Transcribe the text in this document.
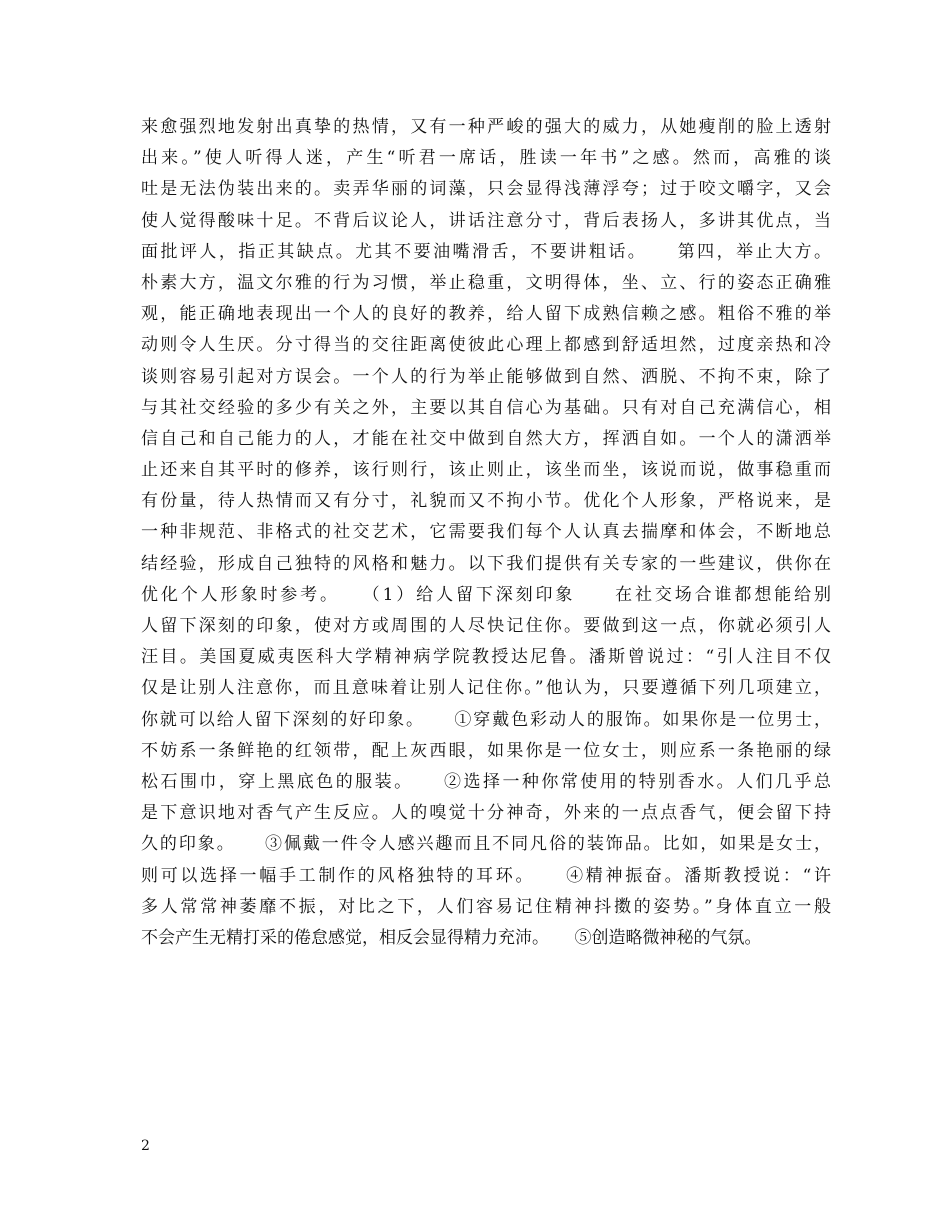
来愈强烈地发射出真挚的热情，又有一种严峻的强大的威力，从她瘦削的脸上透射
出来。”使人听得人迷，产生“听君一席话，胜读一年书”之感。然而，高雅的谈
吐是无法伪装出来的。卖弄华丽的词藻，只会显得浅薄浮夸；过于咬文嚼字，又会
使人觉得酸味十足。不背后议论人，讲话注意分寸，背后表扬人，多讲其优点，当
面批评人，指正其缺点。尤其不要油嘴滑舌，不要讲粗话。　　第四，举止大方。
朴素大方，温文尔雅的行为习惯，举止稳重，文明得体，坐、立、行的姿态正确雅
观，能正确地表现出一个人的良好的教养，给人留下成熟信赖之感。粗俗不雅的举
动则令人生厌。分寸得当的交往距离使彼此心理上都感到舒适坦然，过度亲热和冷
谈则容易引起对方误会。一个人的行为举止能够做到自然、洒脱、不拘不束，除了
与其社交经验的多少有关之外，主要以其自信心为基础。只有对自己充满信心，相
信自己和自己能力的人，才能在社交中做到自然大方，挥洒自如。一个人的潇洒举
止还来自其平时的修养，该行则行，该止则止，该坐而坐，该说而说，做事稳重而
有份量，待人热情而又有分寸，礼貌而又不拘小节。优化个人形象，严格说来，是
一种非规范、非格式的社交艺术，它需要我们每个人认真去揣摩和体会，不断地总
结经验，形成自己独特的风格和魅力。以下我们提供有关专家的一些建议，供你在
优化个人形象时参考。　　（1）给人留下深刻印象　　在社交场合谁都想能给别
人留下深刻的印象，使对方或周围的人尽快记住你。要做到这一点，你就必须引人
汪目。美国夏威夷医科大学精神病学院教授达尼鲁。潘斯曾说过：“引人注目不仅
仅是让别人注意你，而且意味着让别人记住你。”他认为，只要遵循下列几项建立，
你就可以给人留下深刻的好印象。　　①穿戴色彩动人的服饰。如果你是一位男士，
不妨系一条鲜艳的红领带，配上灰西眼，如果你是一位女士，则应系一条艳丽的绿
松石围巾，穿上黑底色的服装。　　②选择一种你常使用的特别香水。人们几乎总
是下意识地对香气产生反应。人的嗅觉十分神奇，外来的一点点香气，便会留下持
久的印象。　　③佩戴一件令人感兴趣而且不同凡俗的装饰品。比如，如果是女士，
则可以选择一幅手工制作的风格独特的耳环。　　④精神振奋。潘斯教授说：“许
多人常常神萎靡不振，对比之下，人们容易记住精神抖擞的姿势。”身体直立一般
不会产生无精打采的倦怠感觉，相反会显得精力充沛。　　⑤创造略微神秘的气氛。
2
